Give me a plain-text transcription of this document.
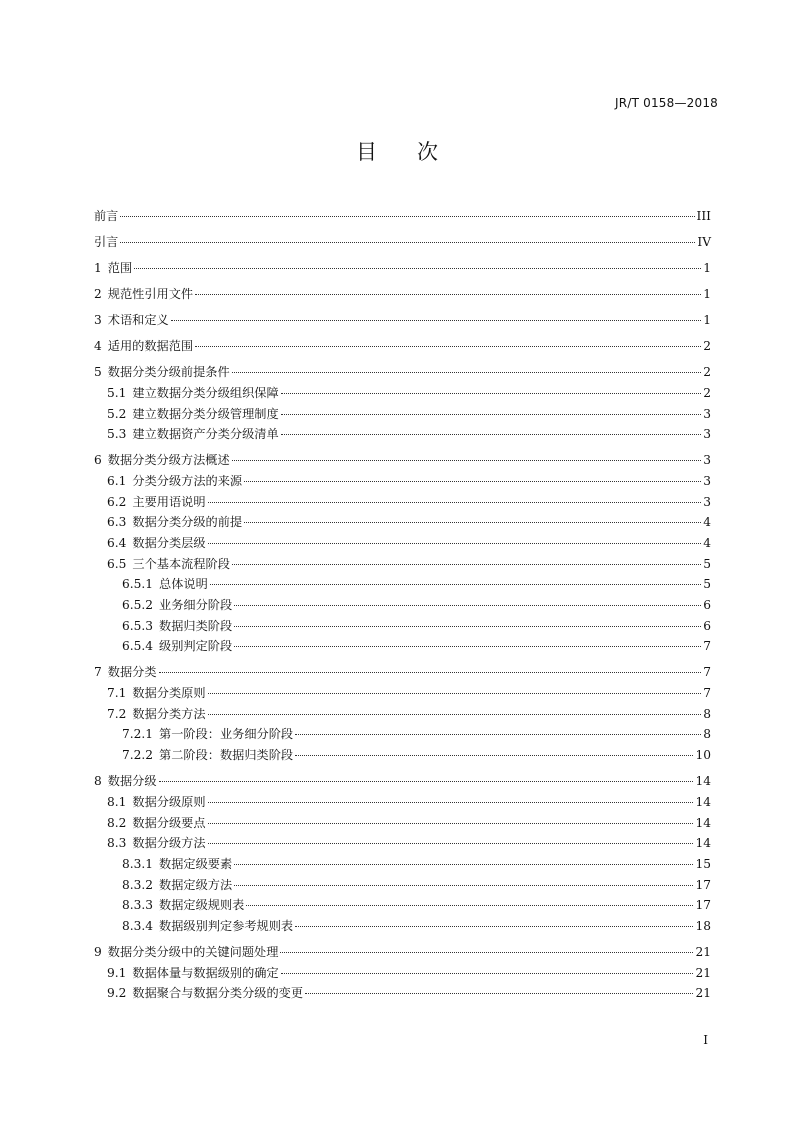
JR/T 0158—2018
目次
前言	III
引言	IV
1 范围	1
2 规范性引用文件	1
3 术语和定义	1
4 适用的数据范围	2
5 数据分类分级前提条件	2
5.1 建立数据分类分级组织保障	2
5.2 建立数据分类分级管理制度	3
5.3 建立数据资产分类分级清单	3
6 数据分类分级方法概述	3
6.1 分类分级方法的来源	3
6.2 主要用语说明	3
6.3 数据分类分级的前提	4
6.4 数据分类层级	4
6.5 三个基本流程阶段	5
6.5.1 总体说明	5
6.5.2 业务细分阶段	6
6.5.3 数据归类阶段	6
6.5.4 级别判定阶段	7
7 数据分类	7
7.1 数据分类原则	7
7.2 数据分类方法	8
7.2.1 第一阶段：业务细分阶段	8
7.2.2 第二阶段：数据归类阶段	10
8 数据分级	14
8.1 数据分级原则	14
8.2 数据分级要点	14
8.3 数据分级方法	14
8.3.1 数据定级要素	15
8.3.2 数据定级方法	17
8.3.3 数据定级规则表	17
8.3.4 数据级别判定参考规则表	18
9 数据分类分级中的关键问题处理	21
9.1 数据体量与数据级别的确定	21
9.2 数据聚合与数据分类分级的变更	21
I
